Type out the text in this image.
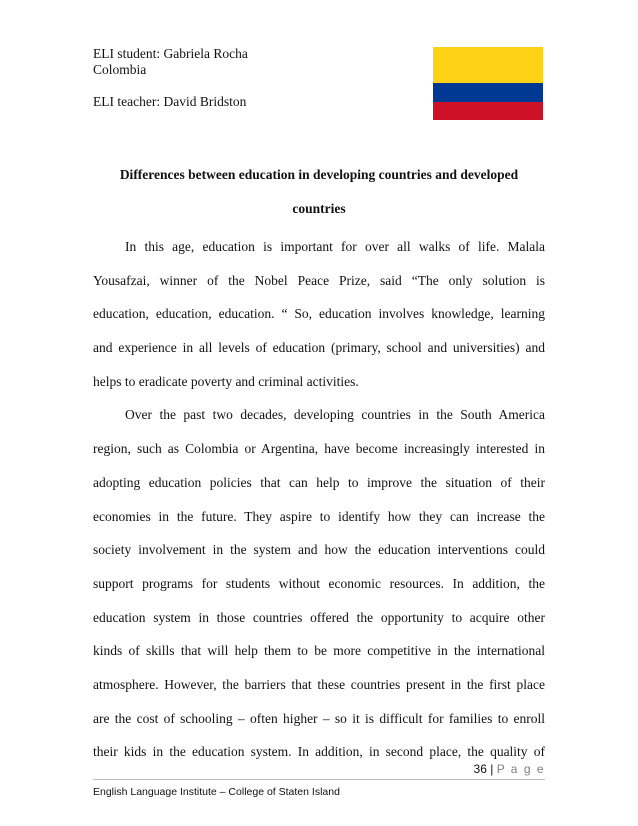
ELI student: Gabriela Rocha
Colombia
ELI teacher: David Bridston
Differences between education in developing countries and developed
countries
In this age, education is important for over all walks of life. Malala
Yousafzai, winner of the Nobel Peace Prize, said “The only solution is
education, education, education. “ So, education involves knowledge, learning
and experience in all levels of education (primary, school and universities) and
helps to eradicate poverty and criminal activities.
Over the past two decades, developing countries in the South America
region, such as Colombia or Argentina, have become increasingly interested in
adopting education policies that can help to improve the situation of their
economies in the future. They aspire to identify how they can increase the
society involvement in the system and how the education interventions could
support programs for students without economic resources. In addition, the
education system in those countries offered the opportunity to acquire other
kinds of skills that will help them to be more competitive in the international
atmosphere. However, the barriers that these countries present in the first place
are the cost of schooling – often higher – so it is difficult for families to enroll
their kids in the education system. In addition, in second place, the quality of
36 | P a g e
English Language Institute – College of Staten Island
